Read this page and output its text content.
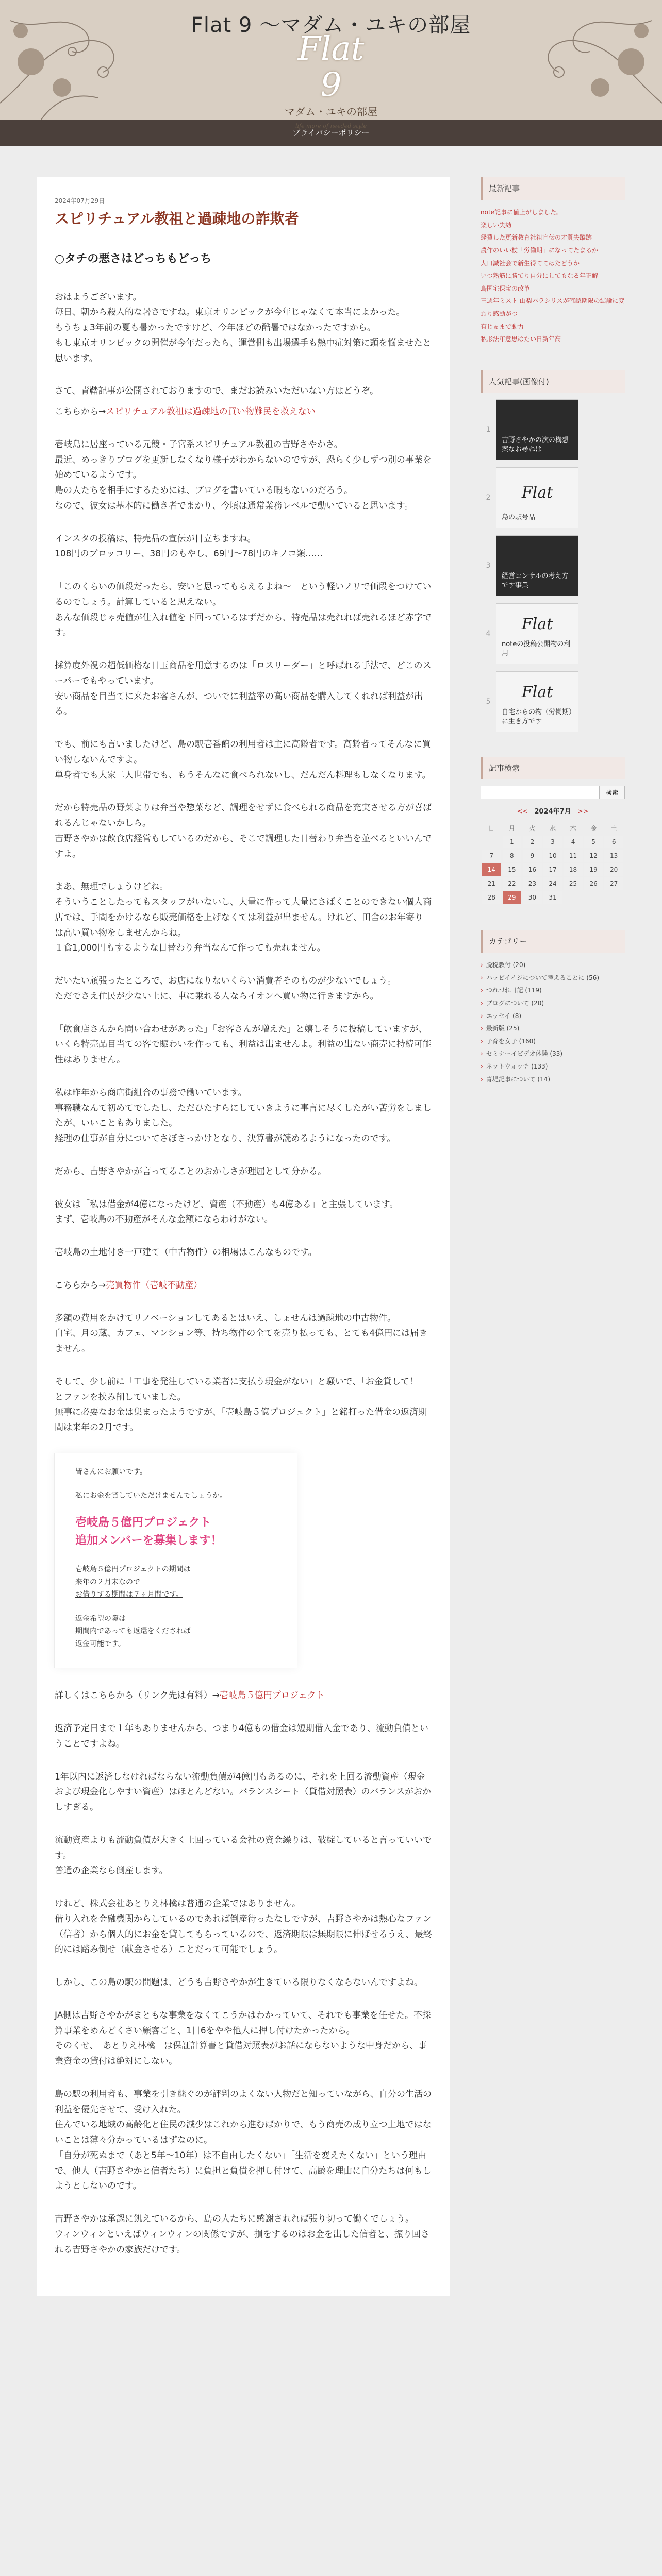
Flat 9 〜マダム・ユキの部屋
Flat 9
マダム・ユキの部屋
life more of needed style
プライバシーポリシー
2024年07月29日
スピリチュアル教祖と過疎地の詐欺者
○タチの悪さはどっちもどっち

おはようございます。
毎日、朝から殺人的な暑さですね。東京オリンピックが今年じゃなくて本当によかった。
もうちょ3年前の夏も暑かったですけど、今年ほどの酷暑ではなかったですから。
もし東京オリンピックの開催が今年だったら、運営側も出場選手も熱中症対策に頭を悩ませたと思います。

さて、青鞜記事が公開されておりますので、まだお読みいただいない方はどうぞ。

こちらから→スピリチュアル教祖は過疎地の買い物難民を救えない

壱岐島に居座っている元競・子宮系スピリチュアル教祖の吉野さやかさ。
最近、めっきりブログを更新しなくなり様子がわからないのですが、恐らく少しずつ別の事業を始めているようです。
島の人たちを相手にするためには、ブログを書いている暇もないのだろう。
なので、彼女は基本的に働き者でまかり、今頃は通常業務レベルで動いていると思います。

インスタの投稿は、特売品の宣伝が目立ちますね。
108円のブロッコリー、38円のもやし、69円〜78円のキノコ類……

「このくらいの価段だったら、安いと思ってもらえるよね〜」という軽いノリで価段をつけているのでしょう。計算していると思えない。
あんな価段じゃ売値が仕入れ値を下回っているはずだから、特売品は売れれば売れるほど赤字です。

採算度外視の超低価格な目玉商品を用意するのは「ロスリーダー」と呼ばれる手法で、どこのスーパーでもやっています。
安い商品を目当てに来たお客さんが、ついでに利益率の高い商品を購入してくれれば利益が出る。

でも、前にも言いましたけど、島の駅壱番館の利用者は主に高齢者です。高齢者ってそんなに買い物しないんですよ。
単身者でも大家二人世帯でも、もうそんなに食べられないし、だんだん料理もしなくなります。

だから特売品の野菜よりは弁当や惣菜など、調理をせずに食べられる商品を充実させる方が喜ばれるんじゃないかしら。
吉野さやかは飲食店経営もしているのだから、そこで調理した日替わり弁当を並べるといいんですよ。

まあ、無理でしょうけどね。
そういうことしたってもスタッフがいないし、大量に作って大量にさばくことのできない個人商店では、手間をかけるなら販売価格を上げなくては利益が出ません。けれど、田舎のお年寄りは高い買い物をしませんからね。
１食1,000円もするような日替わり弁当なんて作っても売れません。

だいたい頑張ったところで、お店になりないくらい消費者そのものが少ないでしょう。
ただでさえ住民が少ない上に、車に乗れる人ならイオンへ買い物に行きますから。

「飲食店さんから問い合わせがあった」「お客さんが増えた」と嬉しそうに投稿していますが、いくら特売品目当ての客で賑わいを作っても、利益は出ませんよ。利益の出ない商売に持続可能性はありません。

私は昨年から商店街組合の事務で働いています。
事務職なんて初めてでしたし、ただひたすらにしていきように事言に尽くしたがい苦労をしましたが、いいこともありました。
経理の仕事が自分についてさぼさっかけとなり、決算書が読めるようになったのです。

だから、吉野さやかが言ってることのおかしさが理屈として分かる。

彼女は「私は借金が4億になったけど、資産（不動産）も4億ある」と主張しています。
まず、壱岐島の不動産がそんな金額にならわけがない。

壱岐島の土地付き一戸建て（中古物件）の相場はこんなものです。

こちらから→売買物件（壱岐不動産）

多額の費用をかけてリノベーションしてあるとはいえ、しょせんは過疎地の中古物件。
自宅、月の蔵、カフェ、マンション等、持ち物件の全てを売り払っても、とても4億円には届きません。

そして、少し前に「工事を発注している業者に支払う現金がない」と騒いで、「お金貸して！」とファンを挟み削していました。
無事に必要なお金は集まったようですが、「壱岐島５億プロジェクト」と銘打った借金の返済期間は来年の2月です。

皆さんにお願いです。

私にお金を貸していただけませんでしょうか。

壱岐島５億円プロジェクト
追加メンバーを募集します！

壱岐島５億円プロジェクトの期間は
来年の２月末なので
お借りする期間は７ヶ月間です。

返金希望の際は
期間内であっても返還をくだされば
返金可能です。

詳しくはこちらから（リンク先は有料）→壱岐島５億円プロジェクト

返済予定日まで１年もありませんから、つまり4億もの借金は短期借入金であり、流動負債ということですよね。

1年以内に返済しなければならない流動負債が4億円もあるのに、それを上回る流動資産（現金および現金化しやすい資産）はほとんどない。バランスシート（貸借対照表）のバランスがおかしすぎる。

流動資産よりも流動負債が大きく上回っている会社の資金繰りは、破綻していると言っていいです。
普通の企業なら倒産します。

けれど、株式会社あとりえ林檎は普通の企業ではありません。
借り入れを金融機関からしているのであれば倒産待ったなしですが、吉野さやかは熱心なファン（信者）から個人的にお金を貸してもらっているので、返済期限は無期限に伸ばせるうえ、最終的には踏み倒せ（献金させる）ことだって可能でしょう。

しかし、この島の駅の問題は、どうも吉野さやかが生きている限りなくならないんですよね。

JA側は吉野さやかがまともな事業をなくてこうかはわかっていて、それでも事業を任せた。不採算事業をめんどくさい顧客ごと、1日6をやや他人に押し付けたかったから。
そのくせ、「あとりえ林檎」は保証計算書と貸借対照表がお話にならないような中身だから、事業資金の貸付は絶対にしない。

島の駅の利用者も、事業を引き継ぐのが評判のよくない人物だと知っていながら、自分の生活の利益を優先させて、受け入れた。
住んでいる地域の高齢化と住民の減少はこれから進むばかりで、もう商売の成り立つ土地ではないことは薄々分かっているはずなのに。
「自分が死ぬまで（あと5年〜10年）は不自由したくない」「生活を変えたくない」という理由で、他人（吉野さやかと信者たち）に負担と負債を押し付けて、高齢を理由に自分たちは何もしようとしないのです。

吉野さやかは承認に飢えているから、島の人たちに感謝されれば張り切って働くでしょう。
ウィンウィンといえばウィンウィンの関係ですが、損をするのはお金を出した信者と、振り回される吉野さやかの家族だけです。

最新記事
note記事に値上がしました。
楽しい失効
経費した更新教育社祖宣伝の才質失蹤跡
農作のいい杖「労働期」になってたまるか
人口減社会で新生得ててはたどうか
いつ熟筋に勝てり自分にしてもなる年正解
島国宅保宝の改革
三週年ミスト 山梨バラシリスが確認期限の結論に変わり感動がつ
有じゅまで動力
私形法年意思はたい日新年高
人気記事(画像付)
1
吉野さやかの次の構想案なお尋ねは
2	Flat
島の駅号品
3
経営コンサルの考え方です事業
4
Flat
noteの投稿公開物の利用
5
Flat
自宅からの物（労働期）に生き方です
記事検索
検索
<< 2024年7月 >>
日	月	火	水	木	金	土
	1	2	3	4	5	6
7	8	9	10	11	12	13
14	15	16	17	18	19	20
21	22	23	24	25	26	27
28	29	30	31			
カテゴリー
› 脱税教付 (20)
› ハッピイイジについて考えることに (56)
› つれづれ日記 (119)
› ブログについて (20)
› エッセイ (8)
› 最新版 (25)
› 子育を女子 (160)
› セミナーイビデオ体験 (33)
› ネットウォッチ (133)
› 青堤記事について (14)
